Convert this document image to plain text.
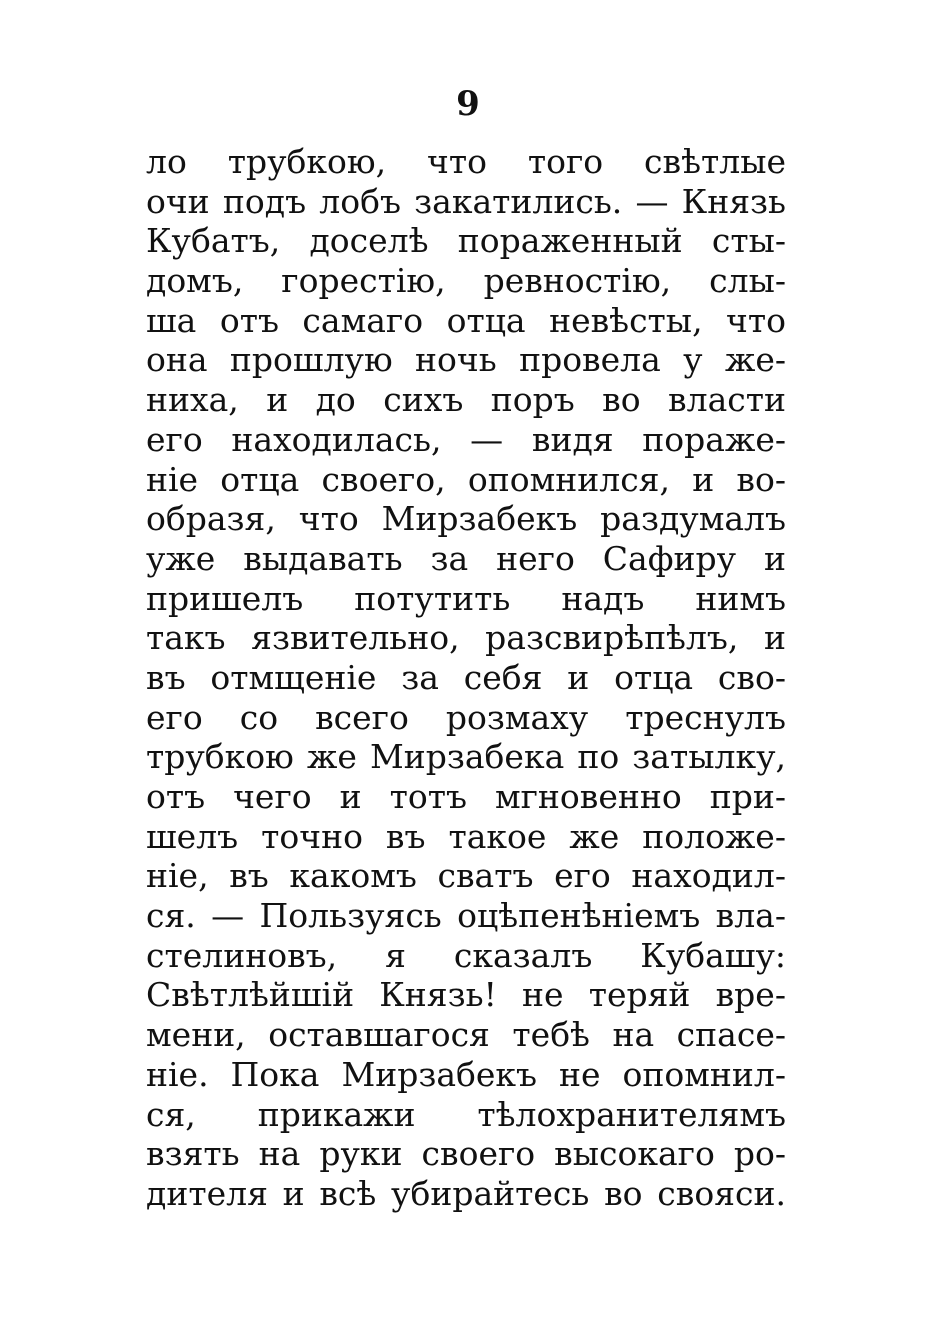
9
ло трубкою, что того свѣтлые
очи подъ лобъ закатились. — Князь
Кубатъ, доселѣ пораженный сты-
домъ, горестію, ревностію, слы-
ша отъ самаго отца невѣсты, что
она прошлую ночь провела у же-
ниха, и до сихъ поръ во власти
его находилась, — видя пораже-
ніе отца своего, опомнился, и во-
образя, что Мирзабекъ раздумалъ
уже выдавать за него Сафиру и
пришелъ потутить надъ нимъ
такъ язвительно, разсвирѣпѣлъ, и
въ отмщеніе за себя и отца сво-
его со всего розмаху треснулъ
трубкою же Мирзабека по затылку,
отъ чего и тотъ мгновенно при-
шелъ точно въ такое же положе-
ніе, въ какомъ сватъ его находил-
ся. — Пользуясь оцѣпенѣніемъ вла-
стелиновъ, я сказалъ Кубашу:
Свѣтлѣйшій Князь! не теряй вре-
мени, оставшагося тебѣ на спасе-
ніе. Пока Мирзабекъ не опомнил-
ся, прикажи тѣлохранителямъ
взять на руки своего высокаго ро-
дителя и всѣ убирайтесь во свояси.
